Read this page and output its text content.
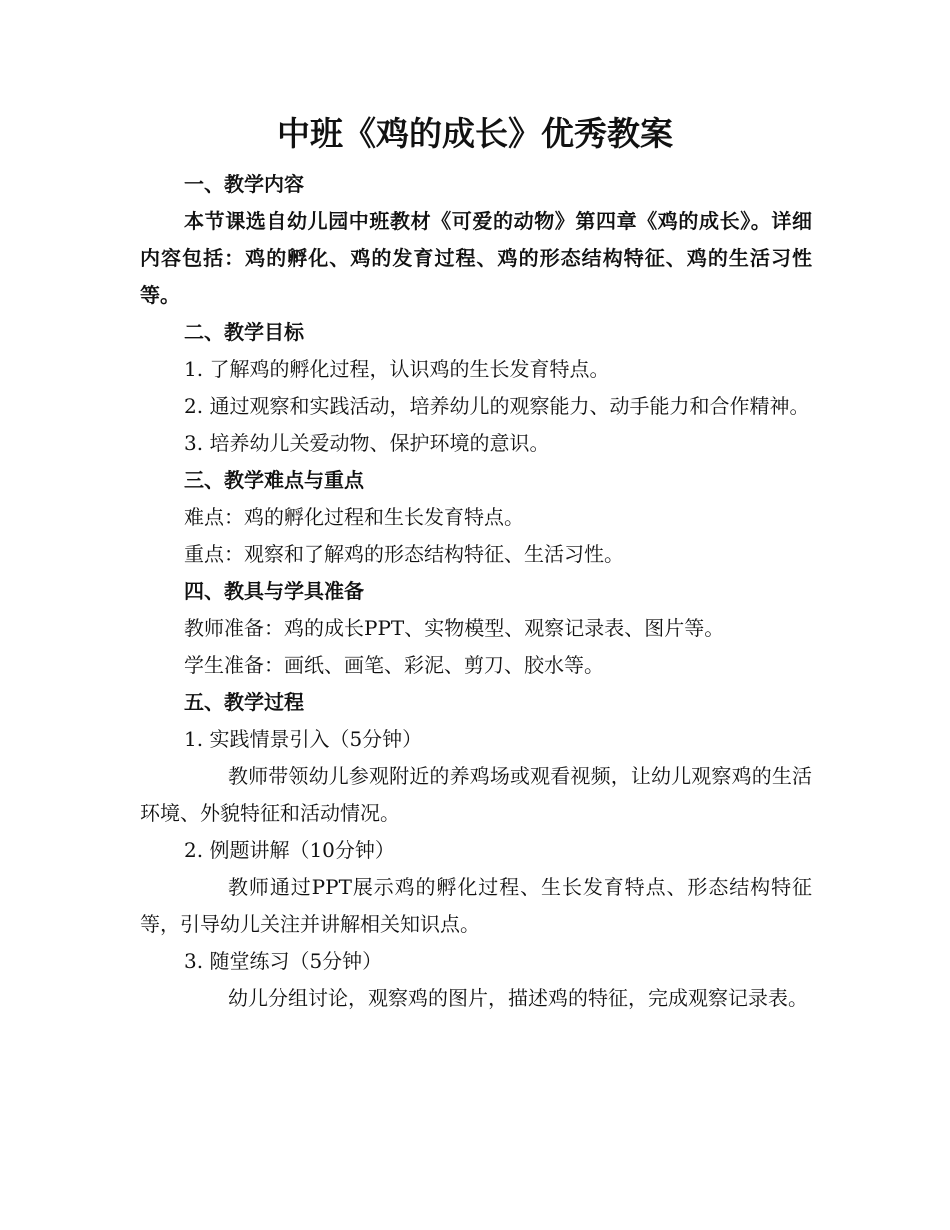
中班《鸡的成长》优秀教案

一、教学内容

本节课选自幼儿园中班教材《可爱的动物》第四章《鸡的成长》。详细内容包括：鸡的孵化、鸡的发育过程、鸡的形态结构特征、鸡的生活习性等。

二、教学目标

1. 了解鸡的孵化过程，认识鸡的生长发育特点。

2. 通过观察和实践活动，培养幼儿的观察能力、动手能力和合作精神。

3. 培养幼儿关爱动物、保护环境的意识。

三、教学难点与重点

难点：鸡的孵化过程和生长发育特点。

重点：观察和了解鸡的形态结构特征、生活习性。

四、教具与学具准备

教师准备：鸡的成长PPT、实物模型、观察记录表、图片等。

学生准备：画纸、画笔、彩泥、剪刀、胶水等。

五、教学过程

1. 实践情景引入（5分钟）

教师带领幼儿参观附近的养鸡场或观看视频，让幼儿观察鸡的生活环境、外貌特征和活动情况。

2. 例题讲解（10分钟）

教师通过PPT展示鸡的孵化过程、生长发育特点、形态结构特征等，引导幼儿关注并讲解相关知识点。

3. 随堂练习（5分钟）

幼儿分组讨论，观察鸡的图片，描述鸡的特征，完成观察记录表。
